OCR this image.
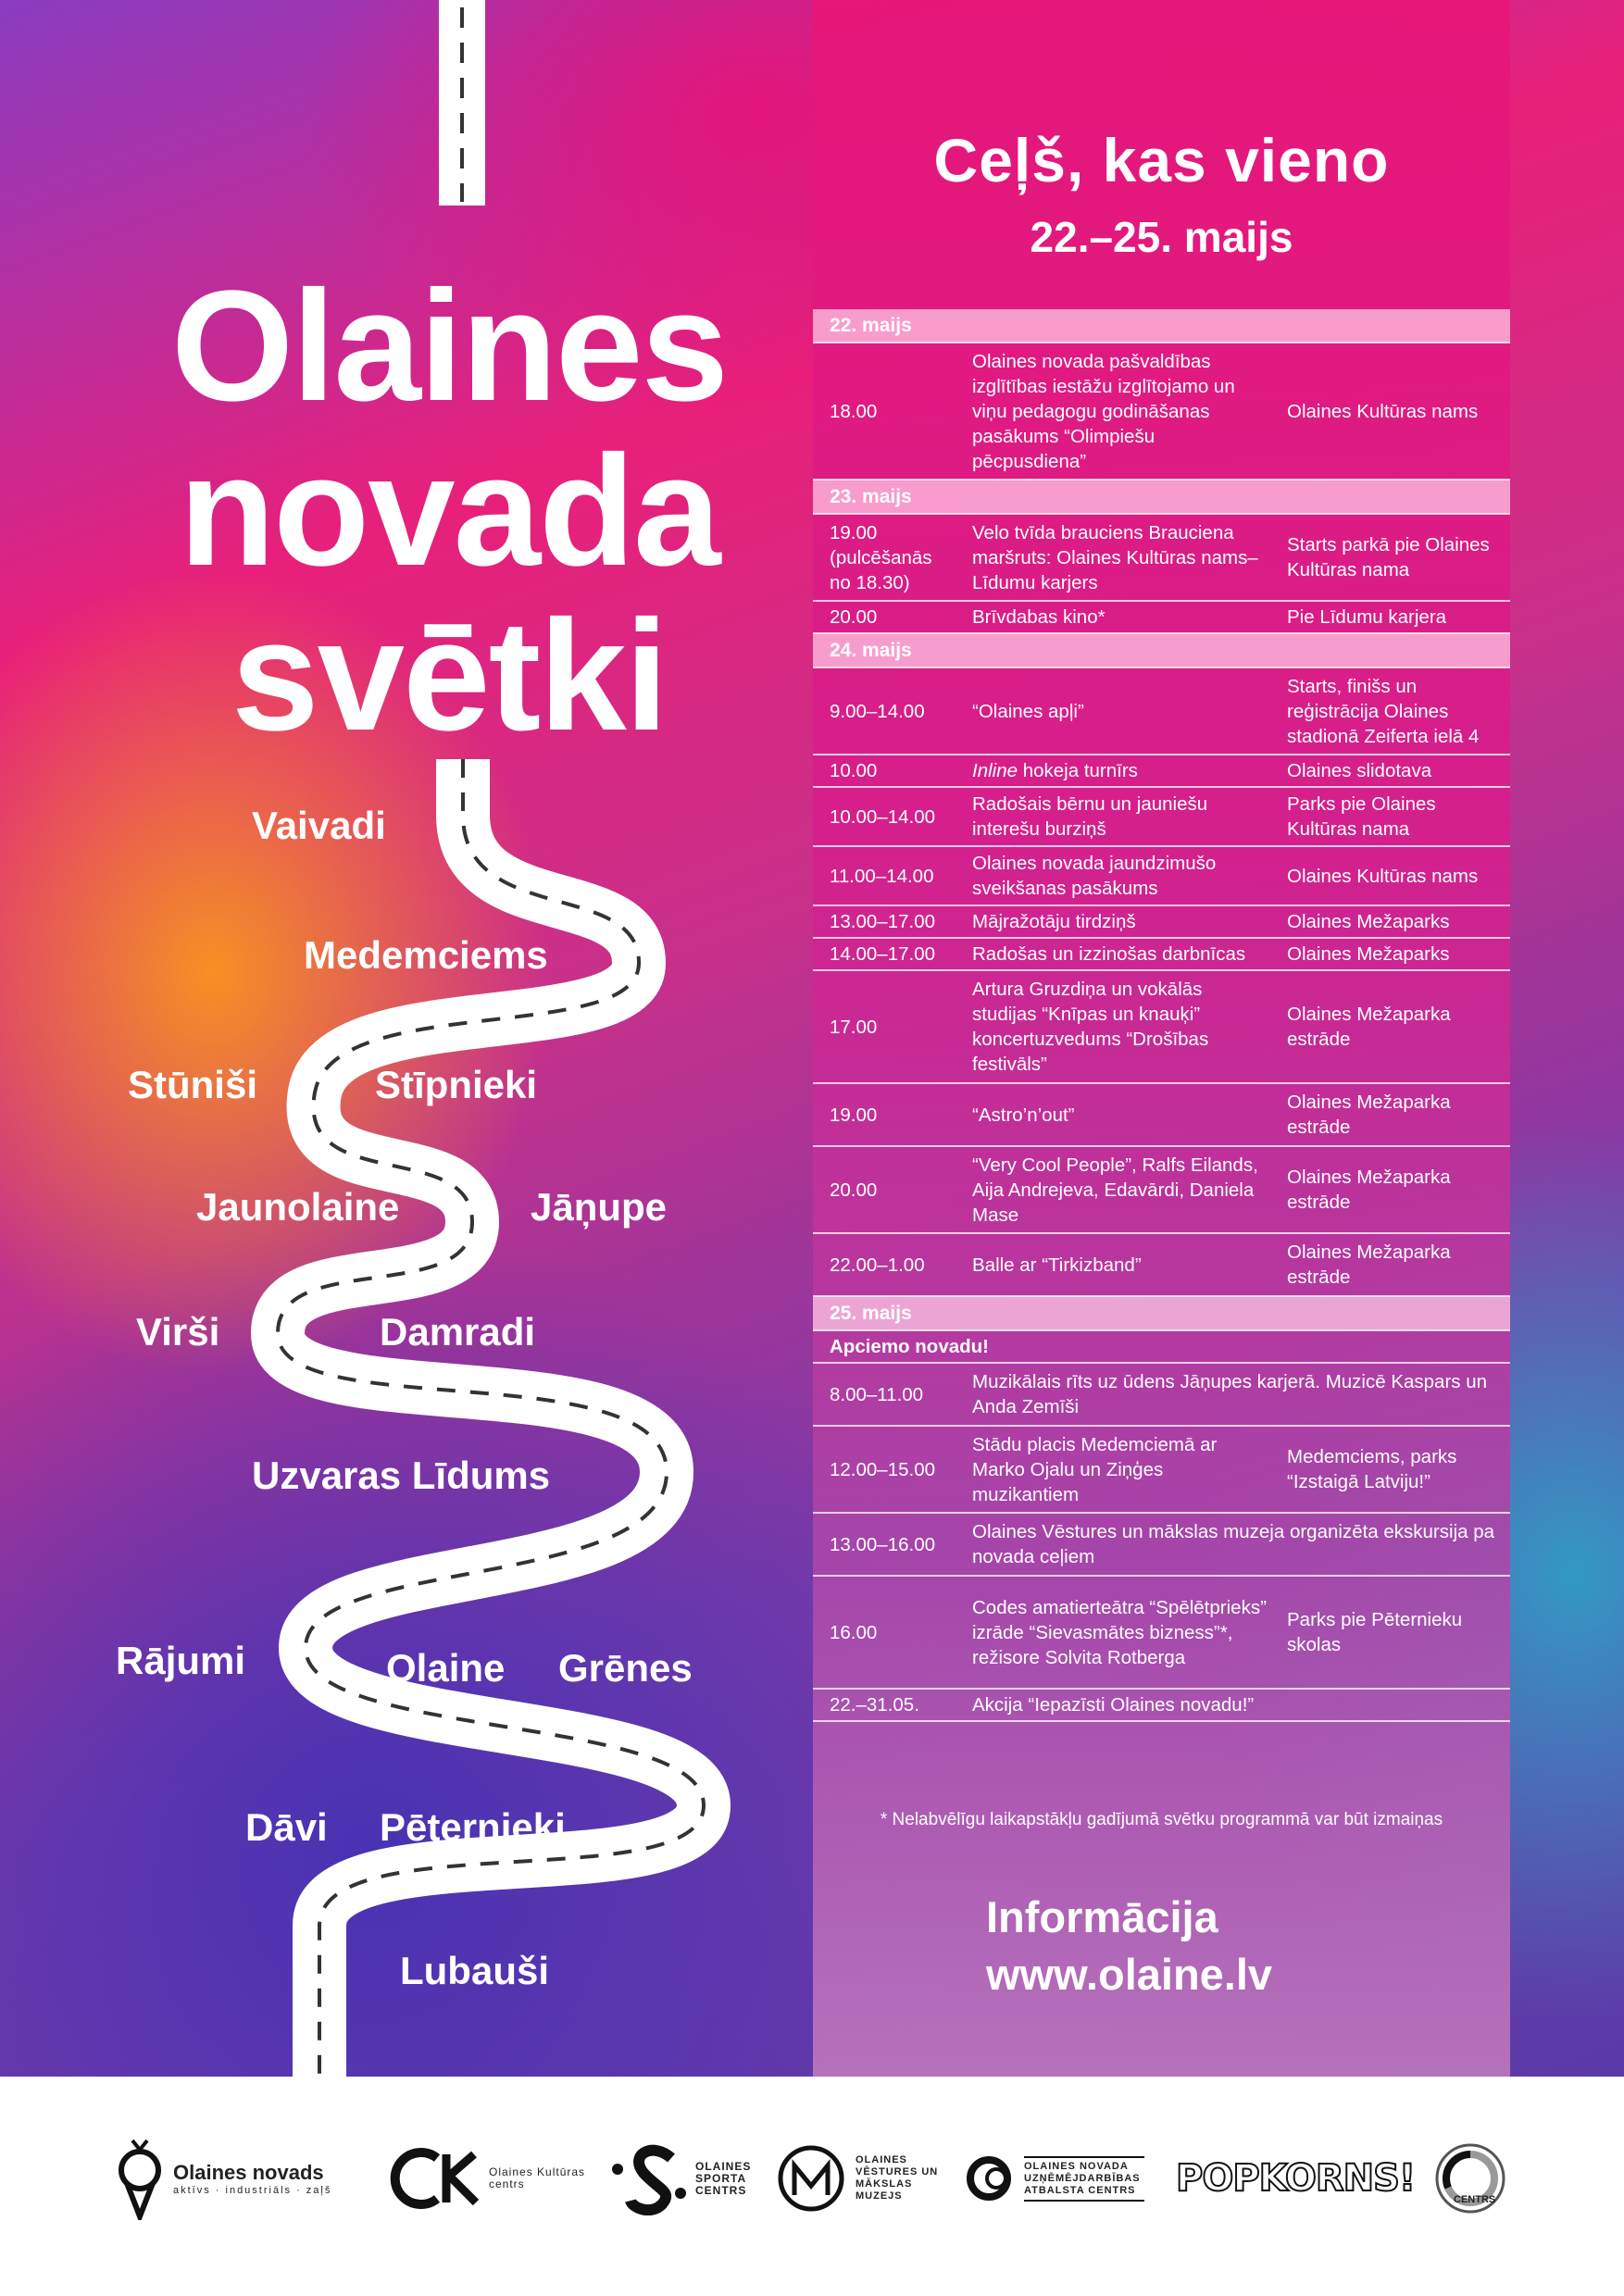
Olaines
novada
svētki
Vaivadi
Medemciems
Stūniši	Stīpnieki
Jaunolaine	Jāņupe
Virši	Damradi
Uzvaras Līdums
Rājumi	Olaine Grēnes
Dāvi Pēternieki
Lubauši
Ceļš, kas vieno
22.–25. maijs
22. maijs		
18.00	Olaines novada pašvaldības izglītības iestāžu izglītojamo un viņu pedagogu godināšanas pasākums “Olimpiešu pēcpusdiena”	Olaines Kultūras nams
23. maijs		
19.00 (pulcēšanās no 18.30)	Velo tvīda brauciens Brauciena maršruts: Olaines Kultūras nams–Līdumu karjers	Starts parkā pie Olaines Kultūras nama
20.00	Brīvdabas kino*	Pie Līdumu karjera
24. maijs		
9.00–14.00	“Olaines apļi”	Starts, finišs un reģistrācija Olaines stadionā Zeiferta ielā 4
10.00	Inline hokeja turnīrs	Olaines slidotava
10.00–14.00	Radošais bērnu un jauniešu interešu burziņš	Parks pie Olaines Kultūras nama
11.00–14.00	Olaines novada jaundzimušo sveikšanas pasākums	Olaines Kultūras nams
13.00–17.00	Mājražotāju tirdziņš	Olaines Mežaparks
14.00–17.00	Radošas un izzinošas darbnīcas	Olaines Mežaparks
17.00	Artura Gruzdiņa un vokālās studijas “Knīpas un knauķi” koncertuzvedums “Drošības festivāls”	Olaines Mežaparka estrāde
19.00	“Astro’n’out”	Olaines Mežaparka estrāde
20.00	“Very Cool People”, Ralfs Eilands, Aija Andrejeva, Edavārdi, Daniela Mase	Olaines Mežaparka estrāde
22.00–1.00	Balle ar “Tirkizband”	Olaines Mežaparka estrāde
25. maijs		
Apciemo novadu!		
8.00–11.00	Muzikālais rīts uz ūdens Jāņupes karjerā. Muzicē Kaspars un Anda Zemīši	
12.00–15.00	Stādu placis Medemciemā ar Marko Ojalu un Ziņģes muzikantiem	Medemciems, parks “Izstaigā Latviju!”
13.00–16.00	Olaines Vēstures un mākslas muzeja organizēta ekskursija pa novada ceļiem	
16.00	Codes amatierteātra “Spēlētprieks” izrāde “Sievasmātes bizness”*, režisore Solvita Rotberga	Parks pie Pēternieku skolas
22.–31.05.	Akcija “Iepazīsti Olaines novadu!”	
* Nelabvēlīgu laikapstākļu gadījumā svētku programmā var būt izmaiņas
Informācija
www.olaine.lv
Olaines novads
aktīvs · industriāls · zaļš
Olaines Kultūras centrs
OLAINES SPORTA CENTRS
OLAINES VĒSTURES UN MĀKSLAS MUZEJS
OLAINES NOVADA UZŅĒMĒJDARBĪBAS ATBALSTA CENTRS POPKORNS!	CENTRS
